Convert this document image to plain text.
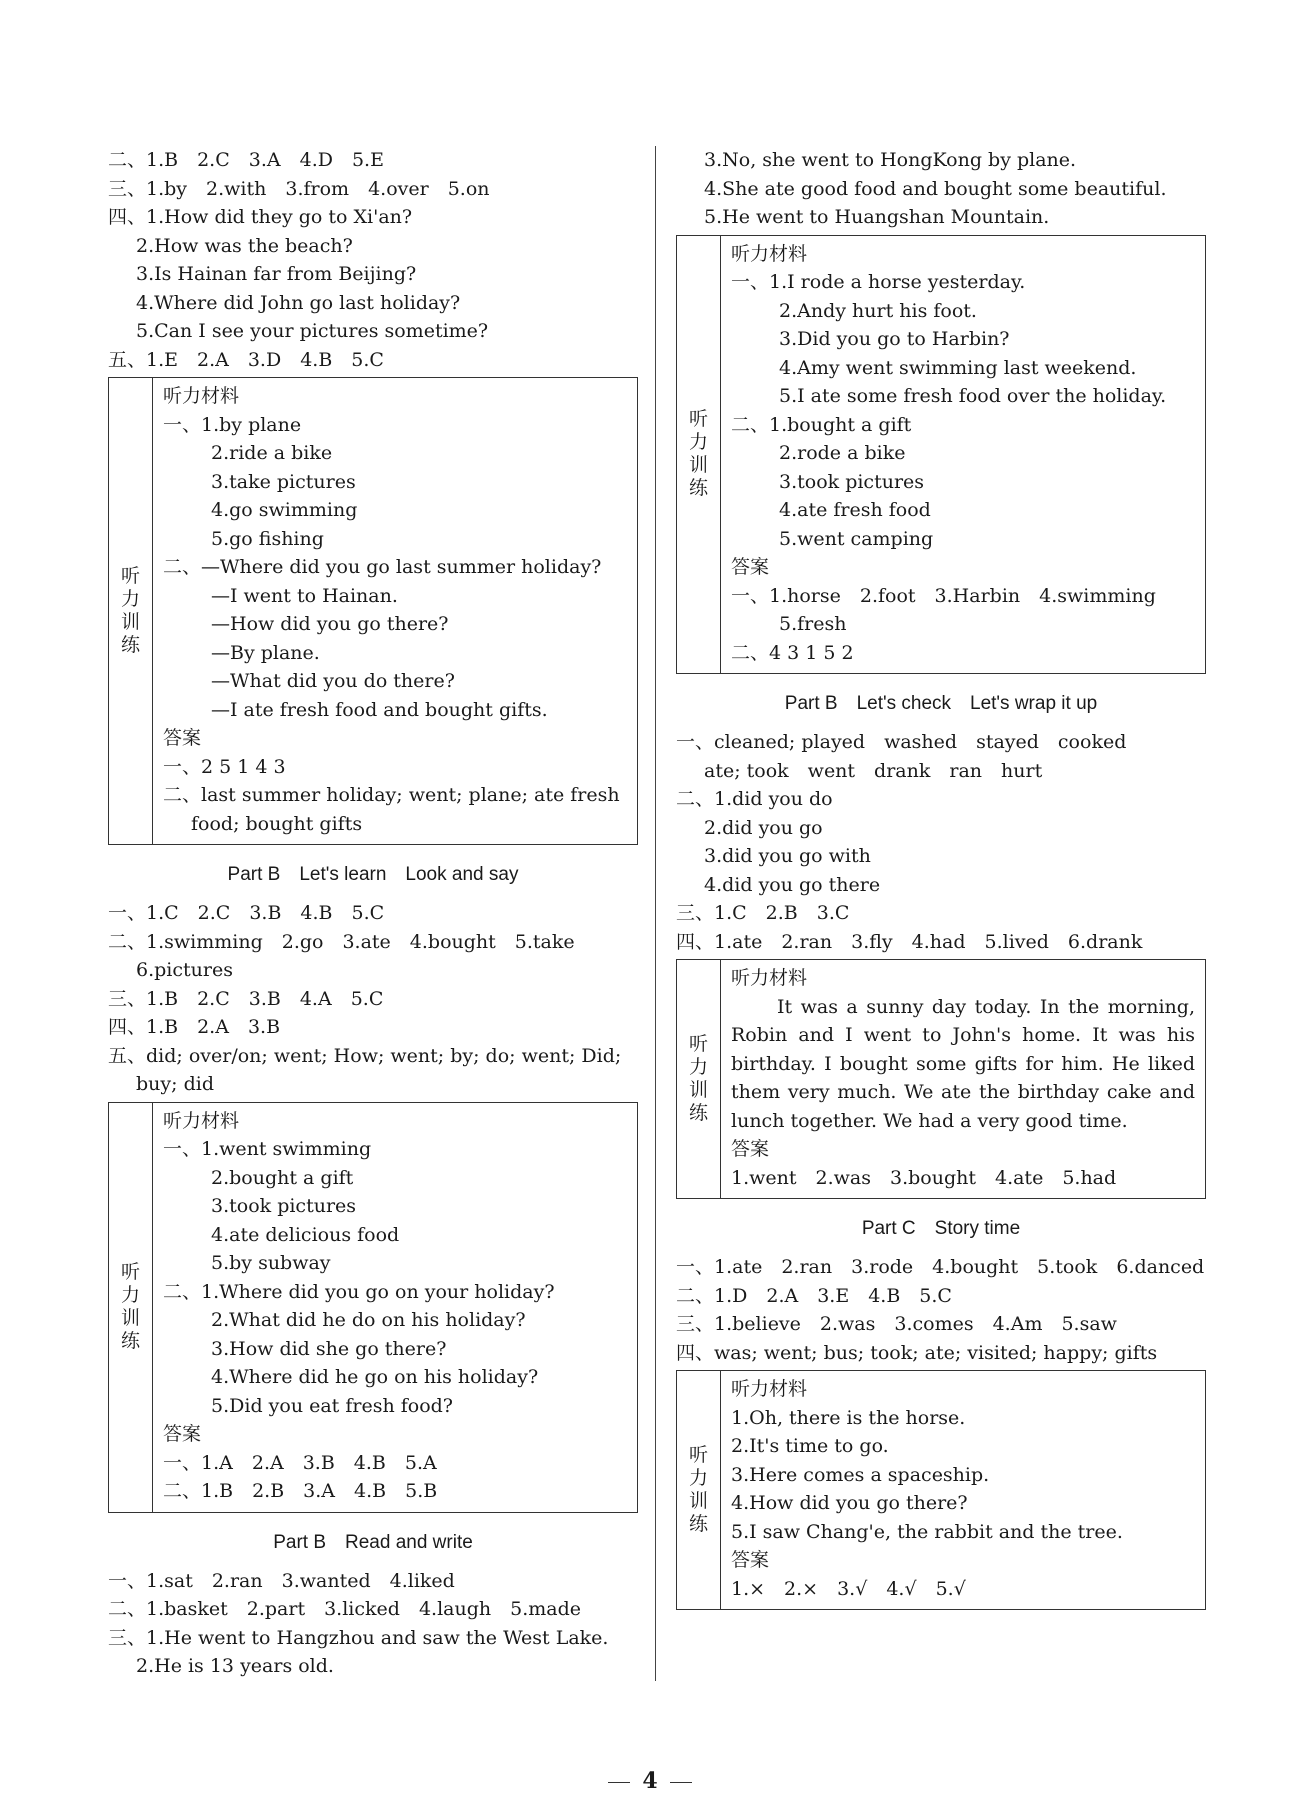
二、1.B　2.C　3.A　4.D　5.E
三、1.by　2.with　3.from　4.over　5.on
四、1.How did they go to Xi'an?
2.How was the beach?
3.Is Hainan far from Beijing?
4.Where did John go last holiday?
5.Can I see your pictures sometime?
五、1.E　2.A　3.D　4.B　5.C
听力训练
听力材料
一、1.by plane
2.ride a bike
3.take pictures
4.go swimming
5.go fishing
二、—Where did you go last summer holiday?
—I went to Hainan.
—How did you go there?
—By plane.
—What did you do there?
—I ate fresh food and bought gifts.
答案
一、2 5 1 4 3
二、last summer holiday; went; plane; ate fresh
food; bought gifts
Part B　Let's learn　Look and say
一、1.C　2.C　3.B　4.B　5.C
二、1.swimming　2.go　3.ate　4.bought　5.take
6.pictures
三、1.B　2.C　3.B　4.A　5.C
四、1.B　2.A　3.B
五、did; over/on; went; How; went; by; do; went; Did;
buy; did
听力训练
听力材料
一、1.went swimming
2.bought a gift
3.took pictures
4.ate delicious food
5.by subway
二、1.Where did you go on your holiday?
2.What did he do on his holiday?
3.How did she go there?
4.Where did he go on his holiday?
5.Did you eat fresh food?
答案
一、1.A　2.A　3.B　4.B　5.A
二、1.B　2.B　3.A　4.B　5.B
Part B　Read and write
一、1.sat　2.ran　3.wanted　4.liked
二、1.basket　2.part　3.licked　4.laugh　5.made
三、1.He went to Hangzhou and saw the West Lake.
2.He is 13 years old.
3.No, she went to HongKong by plane.
4.She ate good food and bought some beautiful.
5.He went to Huangshan Mountain.
听力训练
听力材料
一、1.I rode a horse yesterday.
2.Andy hurt his foot.
3.Did you go to Harbin?
4.Amy went swimming last weekend.
5.I ate some fresh food over the holiday.
二、1.bought a gift
2.rode a bike
3.took pictures
4.ate fresh food
5.went camping
答案
一、1.horse　2.foot　3.Harbin　4.swimming
5.fresh
二、4 3 1 5 2
Part B　Let's check　Let's wrap it up
一、cleaned; played　washed　stayed　cooked
ate; took　went　drank　ran　hurt
二、1.did you do
2.did you go
3.did you go with
4.did you go there
三、1.C　2.B　3.C
四、1.ate　2.ran　3.fly　4.had　5.lived　6.drank
听力训练
听力材料
It was a sunny day today. In the morning, Robin and I went to John's home. It was his birthday. I bought some gifts for him. He liked them very much. We ate the birthday cake and lunch together. We had a very good time.
答案
1.went　2.was　3.bought　4.ate　5.had
Part C　Story time
一、1.ate　2.ran　3.rode　4.bought　5.took　6.danced
二、1.D　2.A　3.E　4.B　5.C
三、1.believe　2.was　3.comes　4.Am　5.saw
四、was; went; bus; took; ate; visited; happy; gifts
听力训练
听力材料
1.Oh, there is the horse.
2.It's time to go.
3.Here comes a spaceship.
4.How did you go there?
5.I saw Chang'e, the rabbit and the tree.
答案
1.×　2.×　3.√　4.√　5.√
4
